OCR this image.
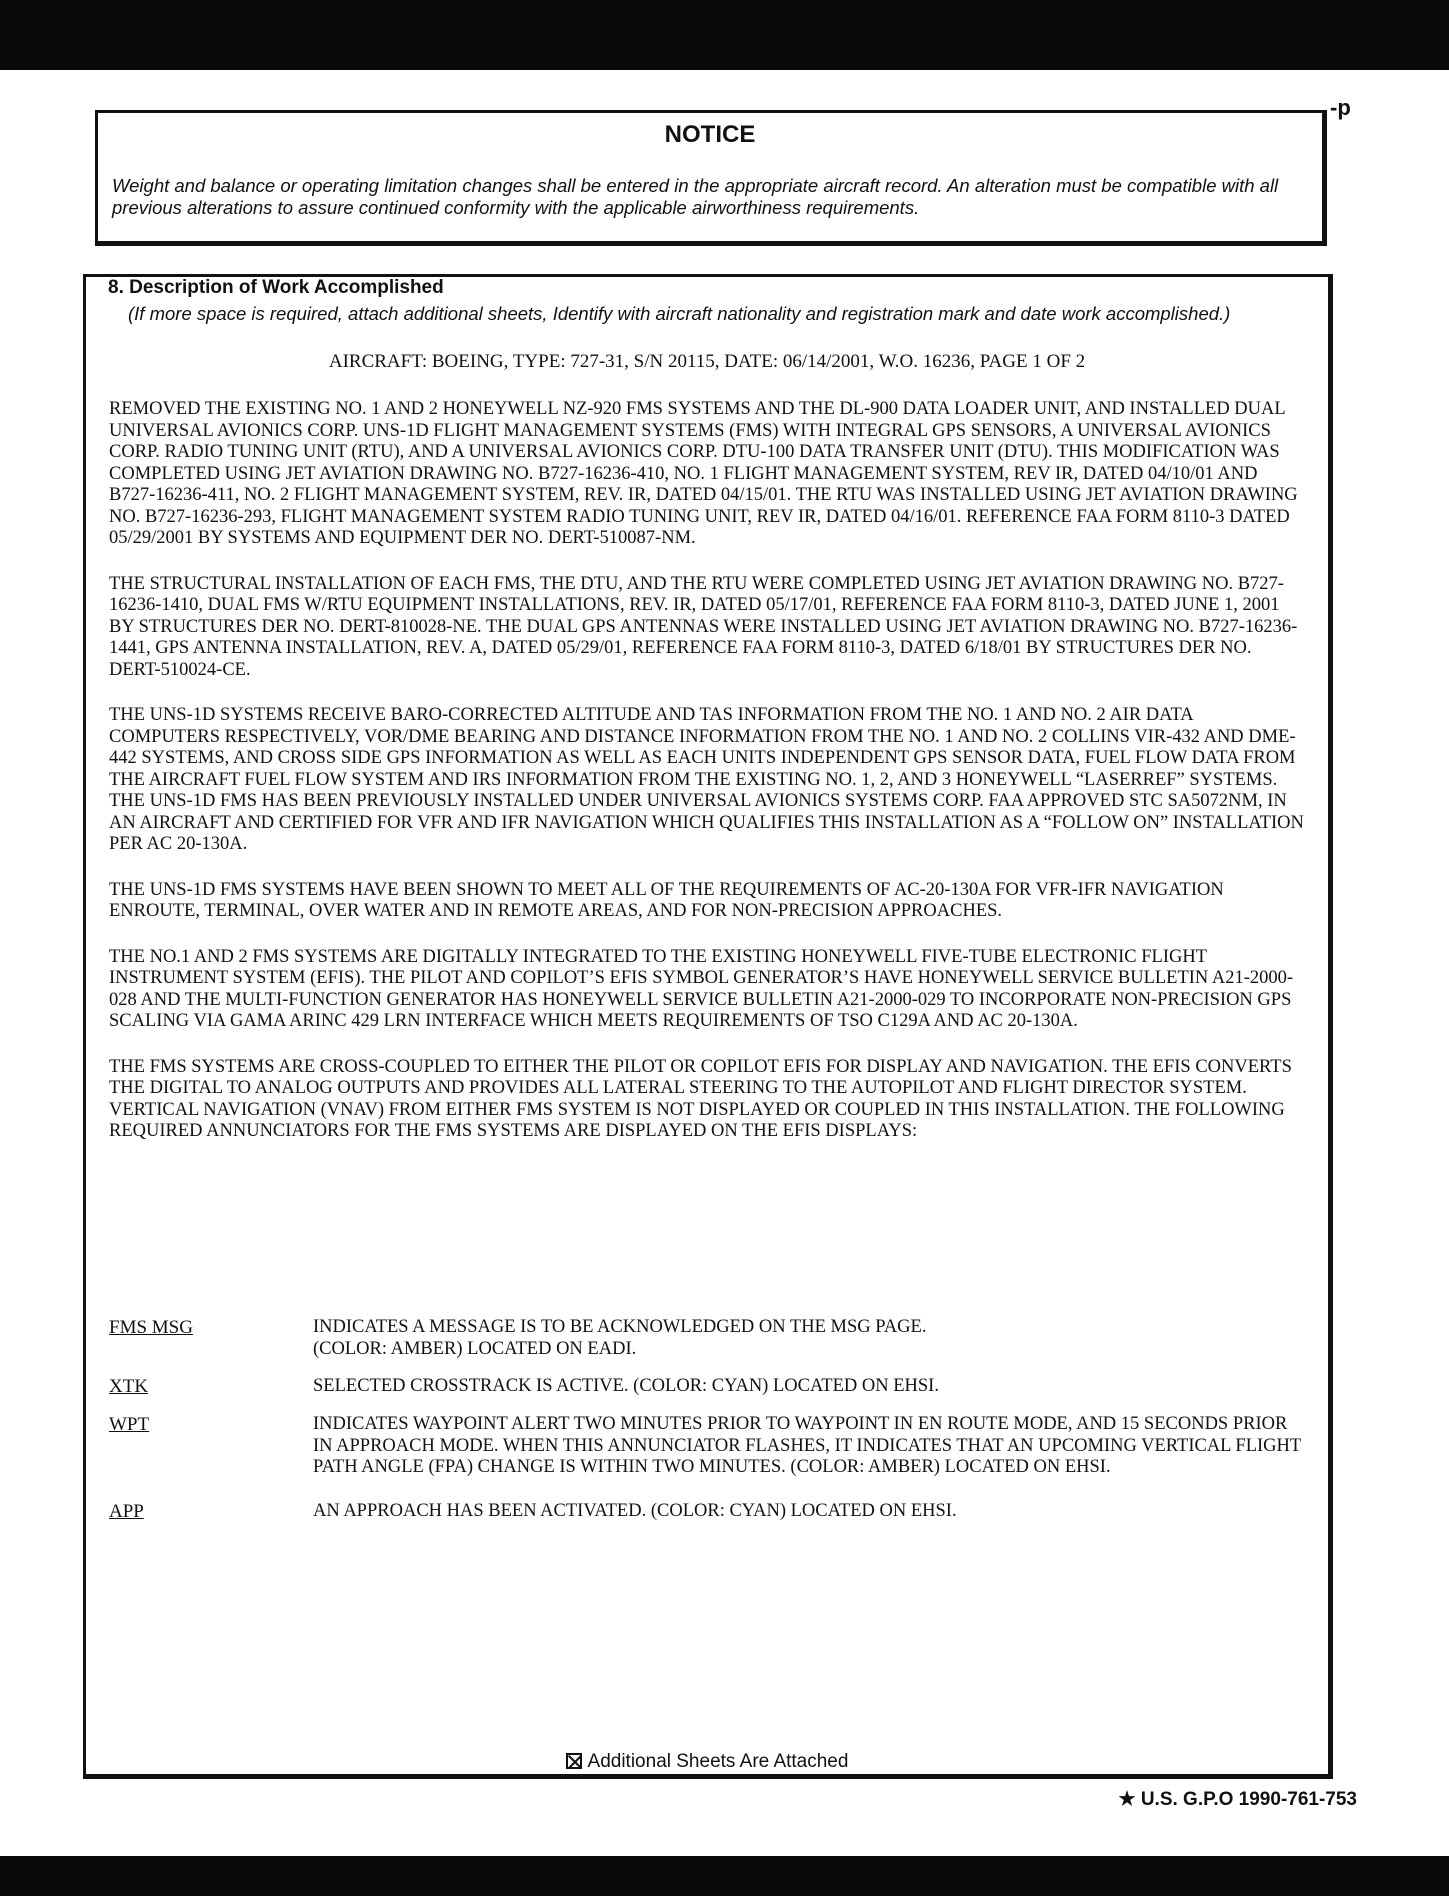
-p
NOTICE
Weight and balance or operating limitation changes shall be entered in the appropriate aircraft record. An alteration must be compatible with all previous alterations to assure continued conformity with the applicable airworthiness requirements.
8. Description of Work Accomplished
(If more space is required, attach additional sheets, Identify with aircraft nationality and registration mark and date work accomplished.)
AIRCRAFT: BOEING, TYPE: 727-31, S/N 20115, DATE: 06/14/2001, W.O. 16236, PAGE 1 OF 2

REMOVED THE EXISTING NO. 1 AND 2 HONEYWELL NZ-920 FMS SYSTEMS AND THE DL-900 DATA LOADER UNIT, AND INSTALLED DUAL UNIVERSAL AVIONICS CORP. UNS-1D FLIGHT MANAGEMENT SYSTEMS (FMS) WITH INTEGRAL GPS SENSORS, A UNIVERSAL AVIONICS CORP. RADIO TUNING UNIT (RTU), AND A UNIVERSAL AVIONICS CORP. DTU-100 DATA TRANSFER UNIT (DTU). THIS MODIFICATION WAS COMPLETED USING JET AVIATION DRAWING NO. B727-16236-410, NO. 1 FLIGHT MANAGEMENT SYSTEM, REV IR, DATED 04/10/01 AND B727-16236-411, NO. 2 FLIGHT MANAGEMENT SYSTEM, REV. IR, DATED 04/15/01. THE RTU WAS INSTALLED USING JET AVIATION DRAWING NO. B727-16236-293, FLIGHT MANAGEMENT SYSTEM RADIO TUNING UNIT, REV IR, DATED 04/16/01. REFERENCE FAA FORM 8110-3 DATED 05/29/2001 BY SYSTEMS AND EQUIPMENT DER NO. DERT-510087-NM.

THE STRUCTURAL INSTALLATION OF EACH FMS, THE DTU, AND THE RTU WERE COMPLETED USING JET AVIATION DRAWING NO. B727-16236-1410, DUAL FMS W/RTU EQUIPMENT INSTALLATIONS, REV. IR, DATED 05/17/01, REFERENCE FAA FORM 8110-3, DATED JUNE 1, 2001 BY STRUCTURES DER NO. DERT-810028-NE. THE DUAL GPS ANTENNAS WERE INSTALLED USING JET AVIATION DRAWING NO. B727-16236-1441, GPS ANTENNA INSTALLATION, REV. A, DATED 05/29/01, REFERENCE FAA FORM 8110-3, DATED 6/18/01 BY STRUCTURES DER NO. DERT-510024-CE.

THE UNS-1D SYSTEMS RECEIVE BARO-CORRECTED ALTITUDE AND TAS INFORMATION FROM THE NO. 1 AND NO. 2 AIR DATA COMPUTERS RESPECTIVELY, VOR/DME BEARING AND DISTANCE INFORMATION FROM THE NO. 1 AND NO. 2 COLLINS VIR-432 AND DME-442 SYSTEMS, AND CROSS SIDE GPS INFORMATION AS WELL AS EACH UNITS INDEPENDENT GPS SENSOR DATA, FUEL FLOW DATA FROM THE AIRCRAFT FUEL FLOW SYSTEM AND IRS INFORMATION FROM THE EXISTING NO. 1, 2, AND 3 HONEYWELL “LASERREF” SYSTEMS. THE UNS-1D FMS HAS BEEN PREVIOUSLY INSTALLED UNDER UNIVERSAL AVIONICS SYSTEMS CORP. FAA APPROVED STC SA5072NM, IN AN AIRCRAFT AND CERTIFIED FOR VFR AND IFR NAVIGATION WHICH QUALIFIES THIS INSTALLATION AS A “FOLLOW ON” INSTALLATION PER AC 20-130A.

THE UNS-1D FMS SYSTEMS HAVE BEEN SHOWN TO MEET ALL OF THE REQUIREMENTS OF AC-20-130A FOR VFR-IFR NAVIGATION ENROUTE, TERMINAL, OVER WATER AND IN REMOTE AREAS, AND FOR NON-PRECISION APPROACHES.

THE NO.1 AND 2 FMS SYSTEMS ARE DIGITALLY INTEGRATED TO THE EXISTING HONEYWELL FIVE-TUBE ELECTRONIC FLIGHT INSTRUMENT SYSTEM (EFIS). THE PILOT AND COPILOT’S EFIS SYMBOL GENERATOR’S HAVE HONEYWELL SERVICE BULLETIN A21-2000-028 AND THE MULTI-FUNCTION GENERATOR HAS HONEYWELL SERVICE BULLETIN A21-2000-029 TO INCORPORATE NON-PRECISION GPS SCALING VIA GAMA ARINC 429 LRN INTERFACE WHICH MEETS REQUIREMENTS OF TSO C129A AND AC 20-130A.

THE FMS SYSTEMS ARE CROSS-COUPLED TO EITHER THE PILOT OR COPILOT EFIS FOR DISPLAY AND NAVIGATION. THE EFIS CONVERTS THE DIGITAL TO ANALOG OUTPUTS AND PROVIDES ALL LATERAL STEERING TO THE AUTOPILOT AND FLIGHT DIRECTOR SYSTEM. VERTICAL NAVIGATION (VNAV) FROM EITHER FMS SYSTEM IS NOT DISPLAYED OR COUPLED IN THIS INSTALLATION. THE FOLLOWING REQUIRED ANNUNCIATORS FOR THE FMS SYSTEMS ARE DISPLAYED ON THE EFIS DISPLAYS:

FMS MSG	INDICATES A MESSAGE IS TO BE ACKNOWLEDGED ON THE MSG PAGE.
(COLOR: AMBER) LOCATED ON EADI.
XTK	SELECTED CROSSTRACK IS ACTIVE. (COLOR: CYAN) LOCATED ON EHSI.
WPT	INDICATES WAYPOINT ALERT TWO MINUTES PRIOR TO WAYPOINT IN EN ROUTE MODE, AND 15 SECONDS PRIOR IN APPROACH MODE. WHEN THIS ANNUNCIATOR FLASHES, IT INDICATES THAT AN UPCOMING VERTICAL FLIGHT PATH ANGLE (FPA) CHANGE IS WITHIN TWO MINUTES. (COLOR: AMBER) LOCATED ON EHSI.
APP	AN APPROACH HAS BEEN ACTIVATED. (COLOR: CYAN) LOCATED ON EHSI.
Additional Sheets Are Attached
★ U.S. G.P.O 1990-761-753
